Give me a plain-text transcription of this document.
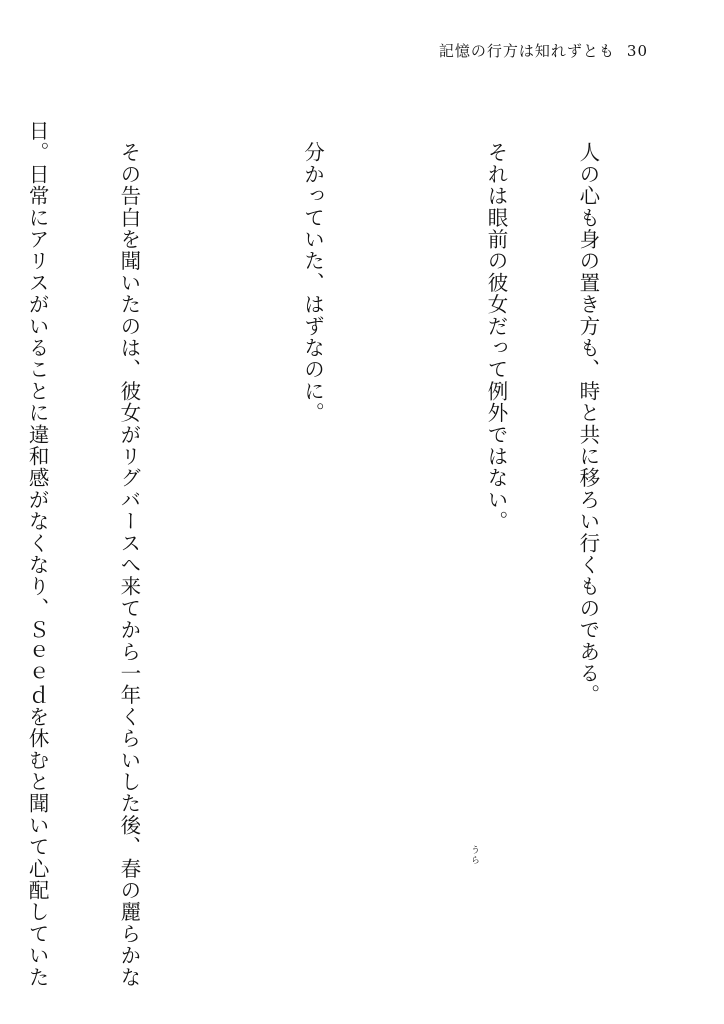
記憶の行方は知れずとも 30

　人の心も身の置き方も、時と共に移ろい行くものである。

　それは眼前の彼女だって例外ではない。

　分かっていた、はずなのに。

　その告白を聞いたのは、彼女がリグバースへ来てから一年くらいした後、春の麗らかな

日。日常にアリスがいることに違和感がなくなり、Ｓｅｅｄを休むと聞いて心配していた

	うら
